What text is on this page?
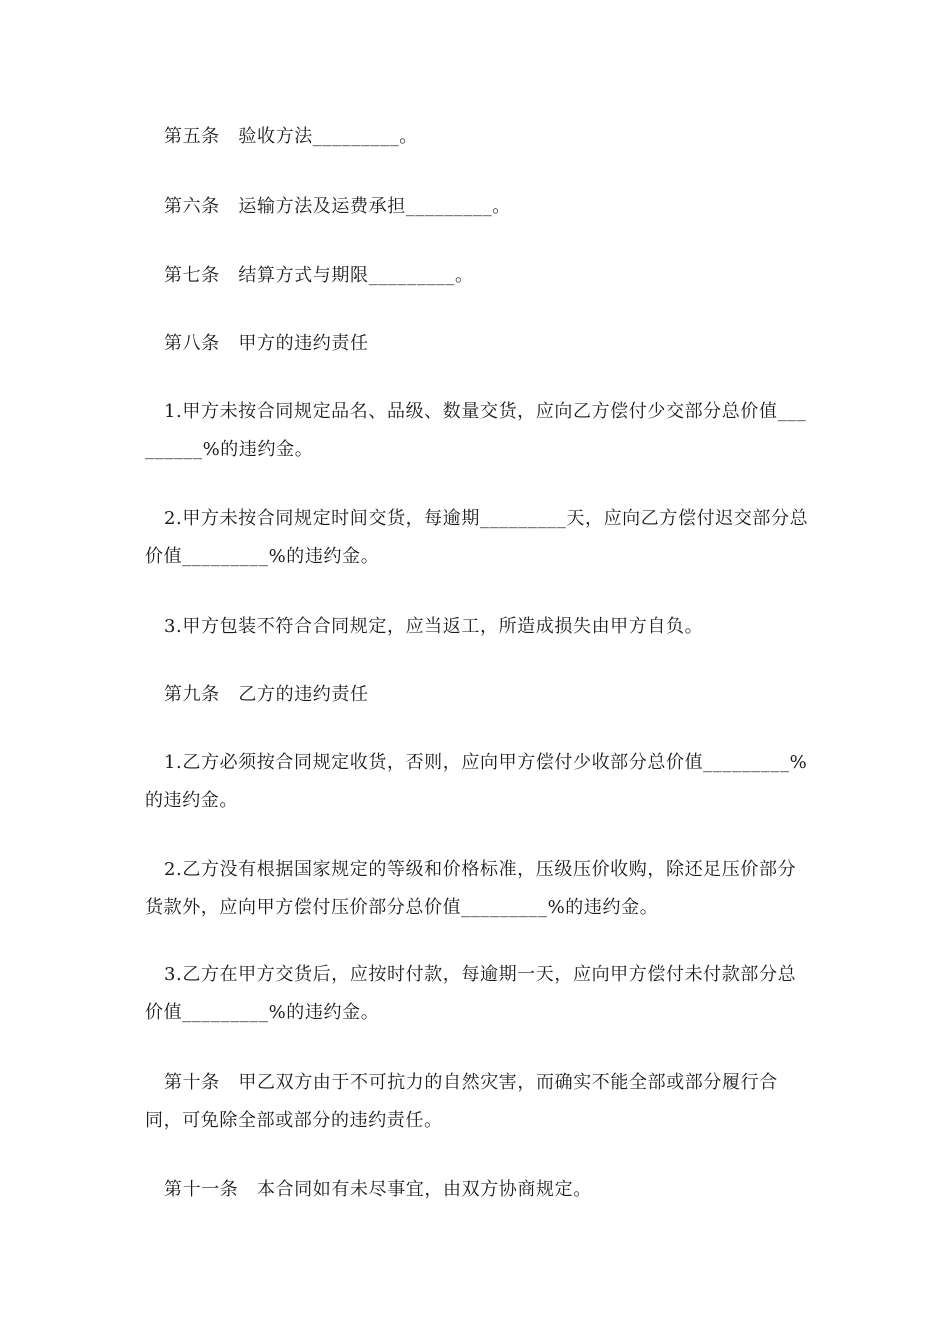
第五条　验收方法_________。

第六条　运输方法及运费承担_________。

第七条　结算方式与期限_________。

第八条　甲方的违约责任

1.甲方未按合同规定品名、品级、数量交货，应向乙方偿付少交部分总价值_________%的违约金。

2.甲方未按合同规定时间交货，每逾期_________天，应向乙方偿付迟交部分总价值_________%的违约金。

3.甲方包装不符合合同规定，应当返工，所造成损失由甲方自负。

第九条　乙方的违约责任

1.乙方必须按合同规定收货，否则，应向甲方偿付少收部分总价值_________%的违约金。

2.乙方没有根据国家规定的等级和价格标准，压级压价收购，除还足压价部分货款外，应向甲方偿付压价部分总价值_________%的违约金。

3.乙方在甲方交货后，应按时付款，每逾期一天，应向甲方偿付未付款部分总价值_________%的违约金。

第十条　甲乙双方由于不可抗力的自然灾害，而确实不能全部或部分履行合同，可免除全部或部分的违约责任。

第十一条　本合同如有未尽事宜，由双方协商规定。
